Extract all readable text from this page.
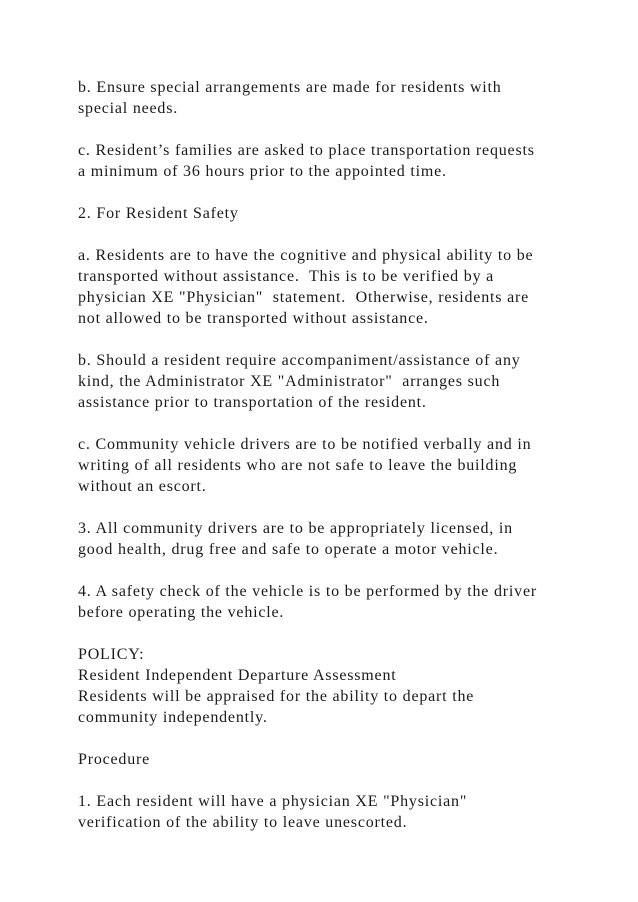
b. Ensure special arrangements are made for residents with
special needs.
c. Resident’s families are asked to place transportation requests
a minimum of 36 hours prior to the appointed time.
2. For Resident Safety
a. Residents are to have the cognitive and physical ability to be
transported without assistance.  This is to be verified by a
physician XE "Physician"  statement.  Otherwise, residents are
not allowed to be transported without assistance.
b. Should a resident require accompaniment/assistance of any
kind, the Administrator XE "Administrator"  arranges such
assistance prior to transportation of the resident.
c. Community vehicle drivers are to be notified verbally and in
writing of all residents who are not safe to leave the building
without an escort.
3. All community drivers are to be appropriately licensed, in
good health, drug free and safe to operate a motor vehicle.
4. A safety check of the vehicle is to be performed by the driver
before operating the vehicle.
POLICY:
Resident Independent Departure Assessment
Residents will be appraised for the ability to depart the
community independently.
Procedure
1. Each resident will have a physician XE "Physician"
verification of the ability to leave unescorted.
